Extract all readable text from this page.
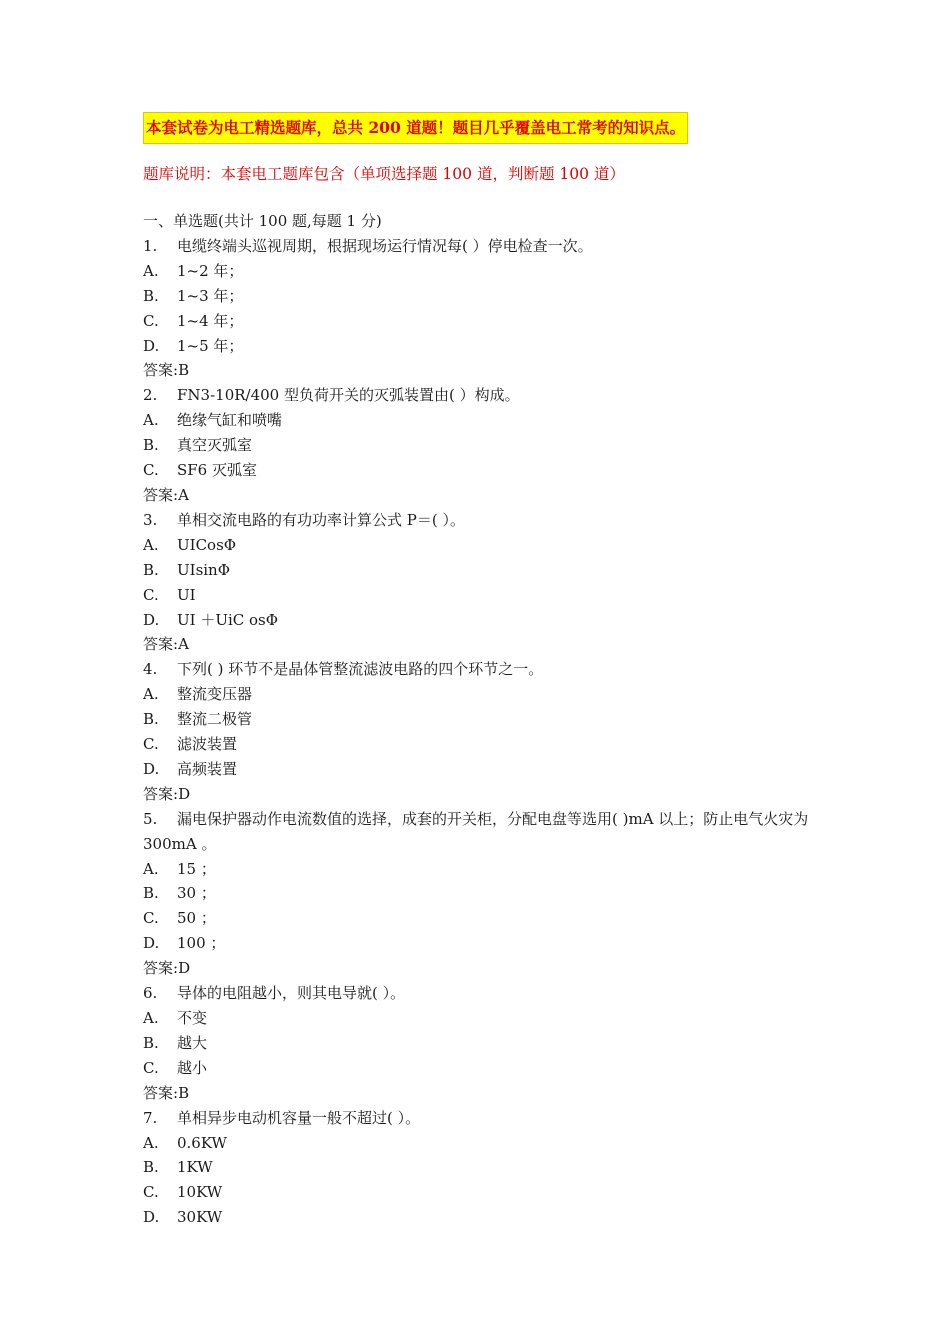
本套试卷为电工精选题库，总共 200 道题！题目几乎覆盖电工常考的知识点。
题库说明：本套电工题库包含（单项选择题 100 道，判断题 100 道）
一、单选题(共计 100 题,每题 1 分)
1. 电缆终端头巡视周期，根据现场运行情况每( ）停电检查一次。
A. 1~2 年；
B. 1~3 年；
C. 1~4 年；
D. 1~5 年；
答案:B
2. FN3-10R/400 型负荷开关的灭弧装置由( ）构成。
A. 绝缘气缸和喷嘴
B. 真空灭弧室
C. SF6 灭弧室
答案:A
3. 单相交流电路的有功功率计算公式 P＝( ）。
A. UICosΦ
B. UIsinΦ
C. UI
D. UI ＋UiC osΦ
答案:A
4. 下列( ) 环节不是晶体管整流滤波电路的四个环节之一。
A. 整流变压器
B. 整流二极管
C. 滤波装置
D. 高频装置
答案:D
5. 漏电保护器动作电流数值的选择，成套的开关柜，分配电盘等选用( )mA 以上；防止电气火灾为 300mA 。
A. 15 ；
B. 30 ；
C. 50 ；
D. 100 ；
答案:D
6. 导体的电阻越小，则其电导就( ）。
A. 不变
B. 越大
C. 越小
答案:B
7. 单相异步电动机容量一般不超过( ）。
A. 0.6KW
B. 1KW
C. 10KW
D. 30KW
